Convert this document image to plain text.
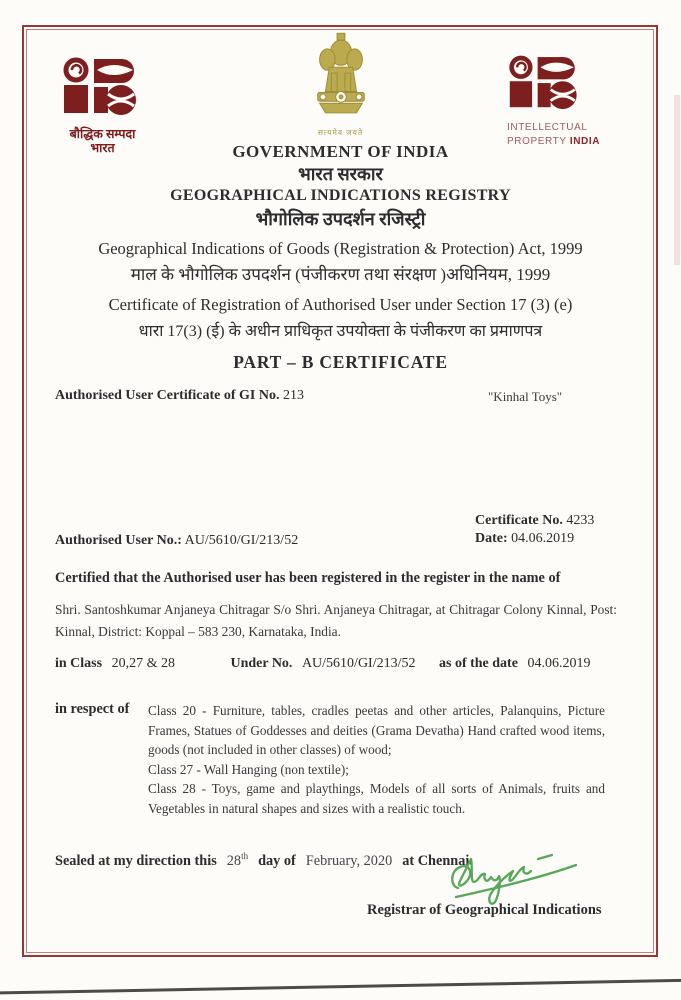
बौद्धिक सम्पदा
भारत
सत्यमेव जयते	INTELLECTUAL
PROPERTY INDIA
GOVERNMENT OF INDIA
भारत सरकार
GEOGRAPHICAL INDICATIONS REGISTRY
भौगोलिक उपदर्शन रजिस्ट्री
Geographical Indications of Goods (Registration & Protection) Act, 1999
माल के भौगोलिक उपदर्शन (पंजीकरण तथा संरक्षण )अधिनियम, 1999
Certificate of Registration of Authorised User under Section 17 (3) (e)
धारा 17(3) (ई) के अधीन प्राधिकृत उपयोक्ता के पंजीकरण का प्रमाणपत्र
PART – B CERTIFICATE
Authorised User Certificate of GI No. 213	"Kinhal Toys"
Certificate No. 4233
Date: 04.06.2019
Authorised User No.: AU/5610/GI/213/52
Certified that the Authorised user has been registered in the register in the name of
Shri. Santoshkumar Anjaneya Chitragar S/o Shri. Anjaneya Chitragar, at Chitragar Colony Kinnal, Post: Kinnal, District: Koppal – 583 230, Karnataka, India.
in Class 20,27 & 28	Under No. AU/5610/GI/213/52 as of the date 04.06.2019
in respect of Class 20 - Furniture, tables, cradles peetas and other articles, Palanquins, Picture Frames, Statues of Goddesses and deities (Grama Devatha) Hand crafted wood items, goods (not included in other classes) of wood;
Class 27 - Wall Hanging (non textile);
Class 28 - Toys, game and playthings, Models of all sorts of Animals, fruits and Vegetables in natural shapes and sizes with a realistic touch.
Sealed at my direction this 28th day of February, 2020 at Chennai.
Registrar of Geographical Indications
